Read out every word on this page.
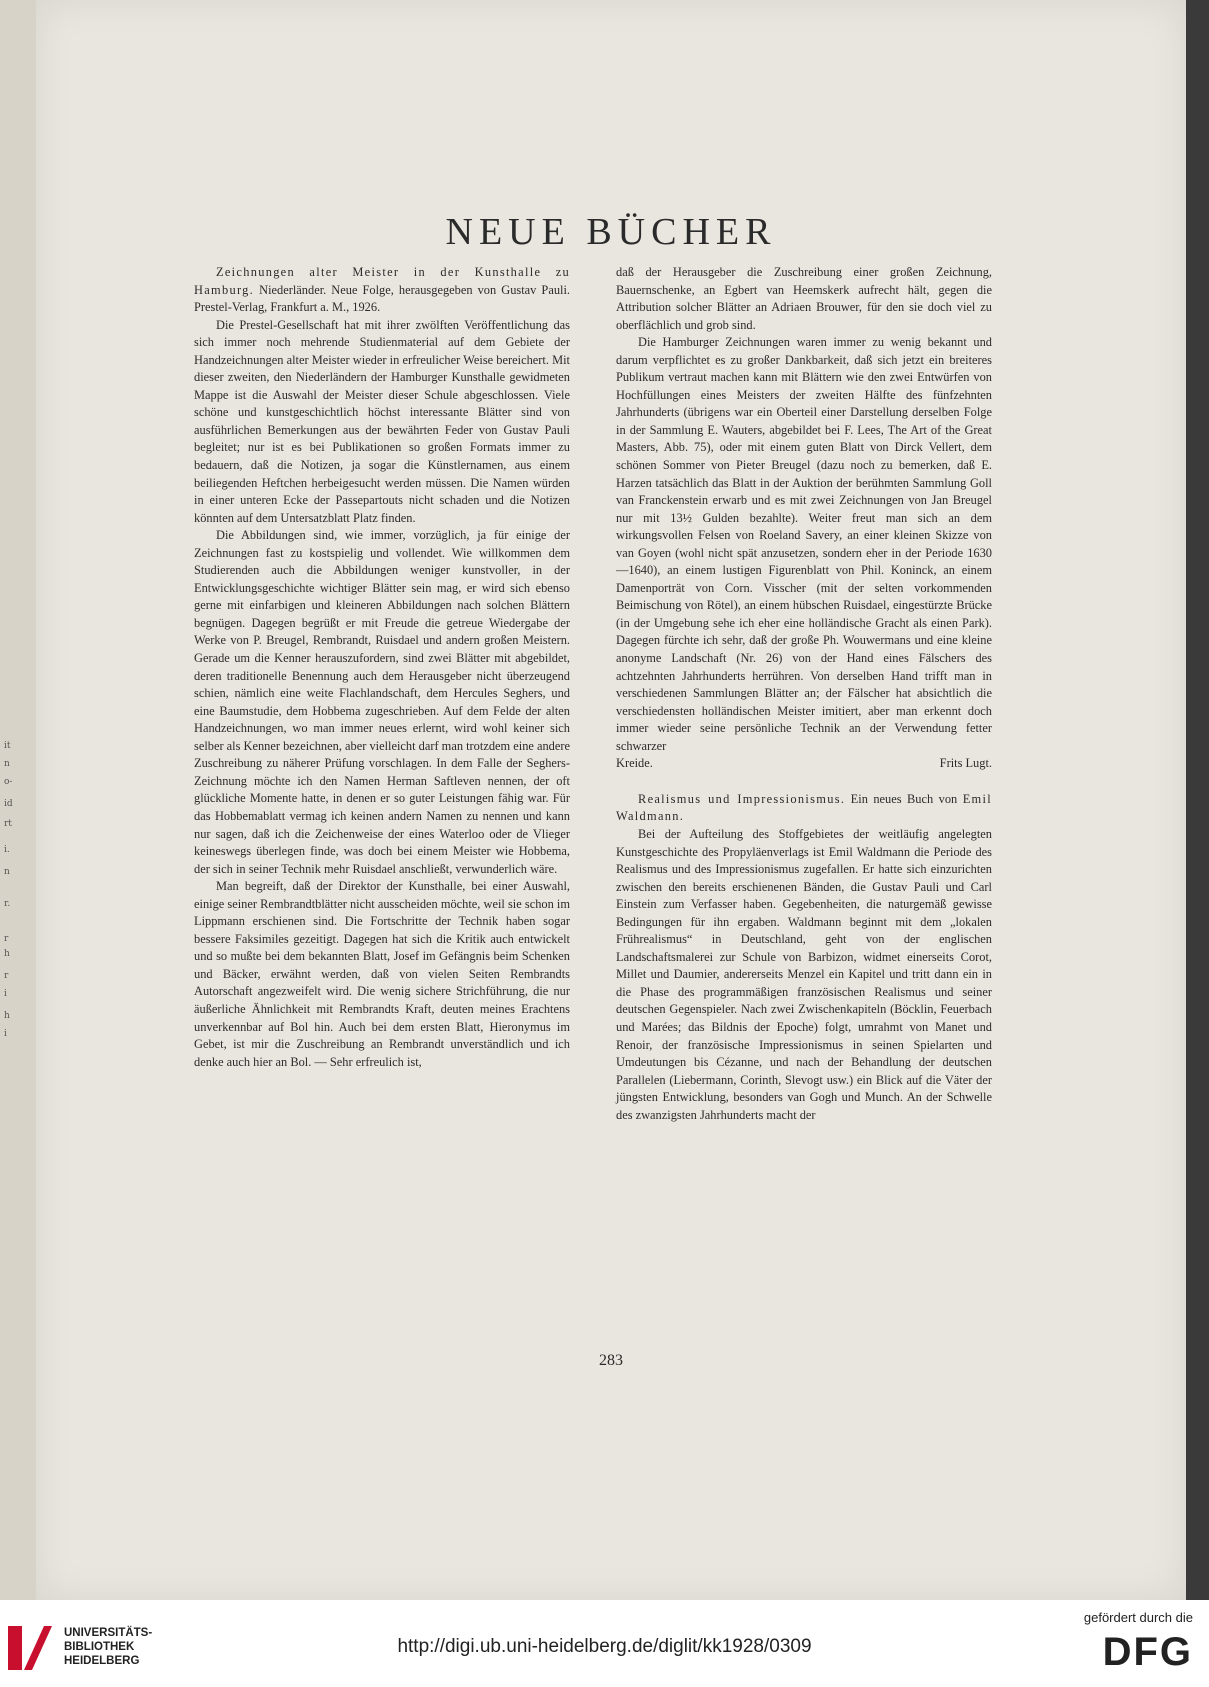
it
n
o-
id
rt
i.
n
r.
r
h
r
i
h
i
NEUE BÜCHER

Zeichnungen alter Meister in der Kunsthalle zu Hamburg. Niederländer. Neue Folge, herausgegeben von Gustav Pauli. Prestel-Verlag, Frankfurt a. M., 1926.

Die Prestel-Gesellschaft hat mit ihrer zwölften Veröffentlichung das sich immer noch mehrende Studienmaterial auf dem Gebiete der Handzeichnungen alter Meister wieder in erfreulicher Weise bereichert. Mit dieser zweiten, den Niederländern der Hamburger Kunsthalle gewidmeten Mappe ist die Auswahl der Meister dieser Schule abgeschlossen. Viele schöne und kunstgeschichtlich höchst interessante Blätter sind von ausführlichen Bemerkungen aus der bewährten Feder von Gustav Pauli begleitet; nur ist es bei Publikationen so großen Formats immer zu bedauern, daß die Notizen, ja sogar die Künstlernamen, aus einem beiliegenden Heftchen herbeigesucht werden müssen. Die Namen würden in einer unteren Ecke der Passepartouts nicht schaden und die Notizen könnten auf dem Untersatzblatt Platz finden.

Die Abbildungen sind, wie immer, vorzüglich, ja für einige der Zeichnungen fast zu kostspielig und vollendet. Wie willkommen dem Studierenden auch die Abbildungen weniger kunstvoller, in der Entwicklungsgeschichte wichtiger Blätter sein mag, er wird sich ebenso gerne mit einfarbigen und kleineren Abbildungen nach solchen Blättern begnügen. Dagegen begrüßt er mit Freude die getreue Wiedergabe der Werke von P. Breugel, Rembrandt, Ruisdael und andern großen Meistern. Gerade um die Kenner herauszufordern, sind zwei Blätter mit abgebildet, deren traditionelle Benennung auch dem Herausgeber nicht überzeugend schien, nämlich eine weite Flachlandschaft, dem Hercules Seghers, und eine Baumstudie, dem Hobbema zugeschrieben. Auf dem Felde der alten Handzeichnungen, wo man immer neues erlernt, wird wohl keiner sich selber als Kenner bezeichnen, aber vielleicht darf man trotzdem eine andere Zuschreibung zu näherer Prüfung vorschlagen. In dem Falle der Seghers-Zeichnung möchte ich den Namen Herman Saftleven nennen, der oft glückliche Momente hatte, in denen er so guter Leistungen fähig war. Für das Hobbemablatt vermag ich keinen andern Namen zu nennen und kann nur sagen, daß ich die Zeichenweise der eines Waterloo oder de Vlieger keineswegs überlegen finde, was doch bei einem Meister wie Hobbema, der sich in seiner Technik mehr Ruisdael anschließt, verwunderlich wäre.

Man begreift, daß der Direktor der Kunsthalle, bei einer Auswahl, einige seiner Rembrandtblätter nicht ausscheiden möchte, weil sie schon im Lippmann erschienen sind. Die Fortschritte der Technik haben sogar bessere Faksimiles gezeitigt. Dagegen hat sich die Kritik auch entwickelt und so mußte bei dem bekannten Blatt, Josef im Gefängnis beim Schenken und Bäcker, erwähnt werden, daß von vielen Seiten Rembrandts Autorschaft angezweifelt wird. Die wenig sichere Strichführung, die nur äußerliche Ähnlichkeit mit Rembrandts Kraft, deuten meines Erachtens unverkennbar auf Bol hin. Auch bei dem ersten Blatt, Hieronymus im Gebet, ist mir die Zuschreibung an Rembrandt unverständlich und ich denke auch hier an Bol. — Sehr erfreulich ist,

daß der Herausgeber die Zuschreibung einer großen Zeichnung, Bauernschenke, an Egbert van Heemskerk aufrecht hält, gegen die Attribution solcher Blätter an Adriaen Brouwer, für den sie doch viel zu oberflächlich und grob sind.

Die Hamburger Zeichnungen waren immer zu wenig bekannt und darum verpflichtet es zu großer Dankbarkeit, daß sich jetzt ein breiteres Publikum vertraut machen kann mit Blättern wie den zwei Entwürfen von Hochfüllungen eines Meisters der zweiten Hälfte des fünfzehnten Jahrhunderts (übrigens war ein Oberteil einer Darstellung derselben Folge in der Sammlung E. Wauters, abgebildet bei F. Lees, The Art of the Great Masters, Abb. 75), oder mit einem guten Blatt von Dirck Vellert, dem schönen Sommer von Pieter Breugel (dazu noch zu bemerken, daß E. Harzen tatsächlich das Blatt in der Auktion der berühmten Sammlung Goll van Franckenstein erwarb und es mit zwei Zeichnungen von Jan Breugel nur mit 13½ Gulden bezahlte). Weiter freut man sich an dem wirkungsvollen Felsen von Roeland Savery, an einer kleinen Skizze von van Goyen (wohl nicht spät anzusetzen, sondern eher in der Periode 1630—1640), an einem lustigen Figurenblatt von Phil. Koninck, an einem Damenporträt von Corn. Visscher (mit der selten vorkommenden Beimischung von Rötel), an einem hübschen Ruisdael, eingestürzte Brücke (in der Umgebung sehe ich eher eine holländische Gracht als einen Park). Dagegen fürchte ich sehr, daß der große Ph. Wouwermans und eine kleine anonyme Landschaft (Nr. 26) von der Hand eines Fälschers des achtzehnten Jahrhunderts herrühren. Von derselben Hand trifft man in verschiedenen Sammlungen Blätter an; der Fälscher hat absichtlich die verschiedensten holländischen Meister imitiert, aber man erkennt doch immer wieder seine persönliche Technik an der Verwendung fetter schwarzer

Kreide.	Frits Lugt.

Realismus und Impressionismus. Ein neues Buch von Emil Waldmann.

Bei der Aufteilung des Stoffgebietes der weitläufig angelegten Kunstgeschichte des Propyläenverlags ist Emil Waldmann die Periode des Realismus und des Impressionismus zugefallen. Er hatte sich einzurichten zwischen den bereits erschienenen Bänden, die Gustav Pauli und Carl Einstein zum Verfasser haben. Gegebenheiten, die naturgemäß gewisse Bedingungen für ihn ergaben. Waldmann beginnt mit dem „lokalen Frührealismus“ in Deutschland, geht von der englischen Landschaftsmalerei zur Schule von Barbizon, widmet einerseits Corot, Millet und Daumier, andererseits Menzel ein Kapitel und tritt dann ein in die Phase des programmäßigen französischen Realismus und seiner deutschen Gegenspieler. Nach zwei Zwischenkapiteln (Böcklin, Feuerbach und Marées; das Bildnis der Epoche) folgt, umrahmt von Manet und Renoir, der französische Impressionismus in seinen Spielarten und Umdeutungen bis Cézanne, und nach der Behandlung der deutschen Parallelen (Liebermann, Corinth, Slevogt usw.) ein Blick auf die Väter der jüngsten Entwicklung, besonders van Gogh und Munch. An der Schwelle des zwanzigsten Jahrhunderts macht der

283
UNIVERSITÄTS-
BIBLIOTHEK
HEIDELBERG
http://digi.ub.uni-heidelberg.de/diglit/kk1928/0309
gefördert durch die
DFG
